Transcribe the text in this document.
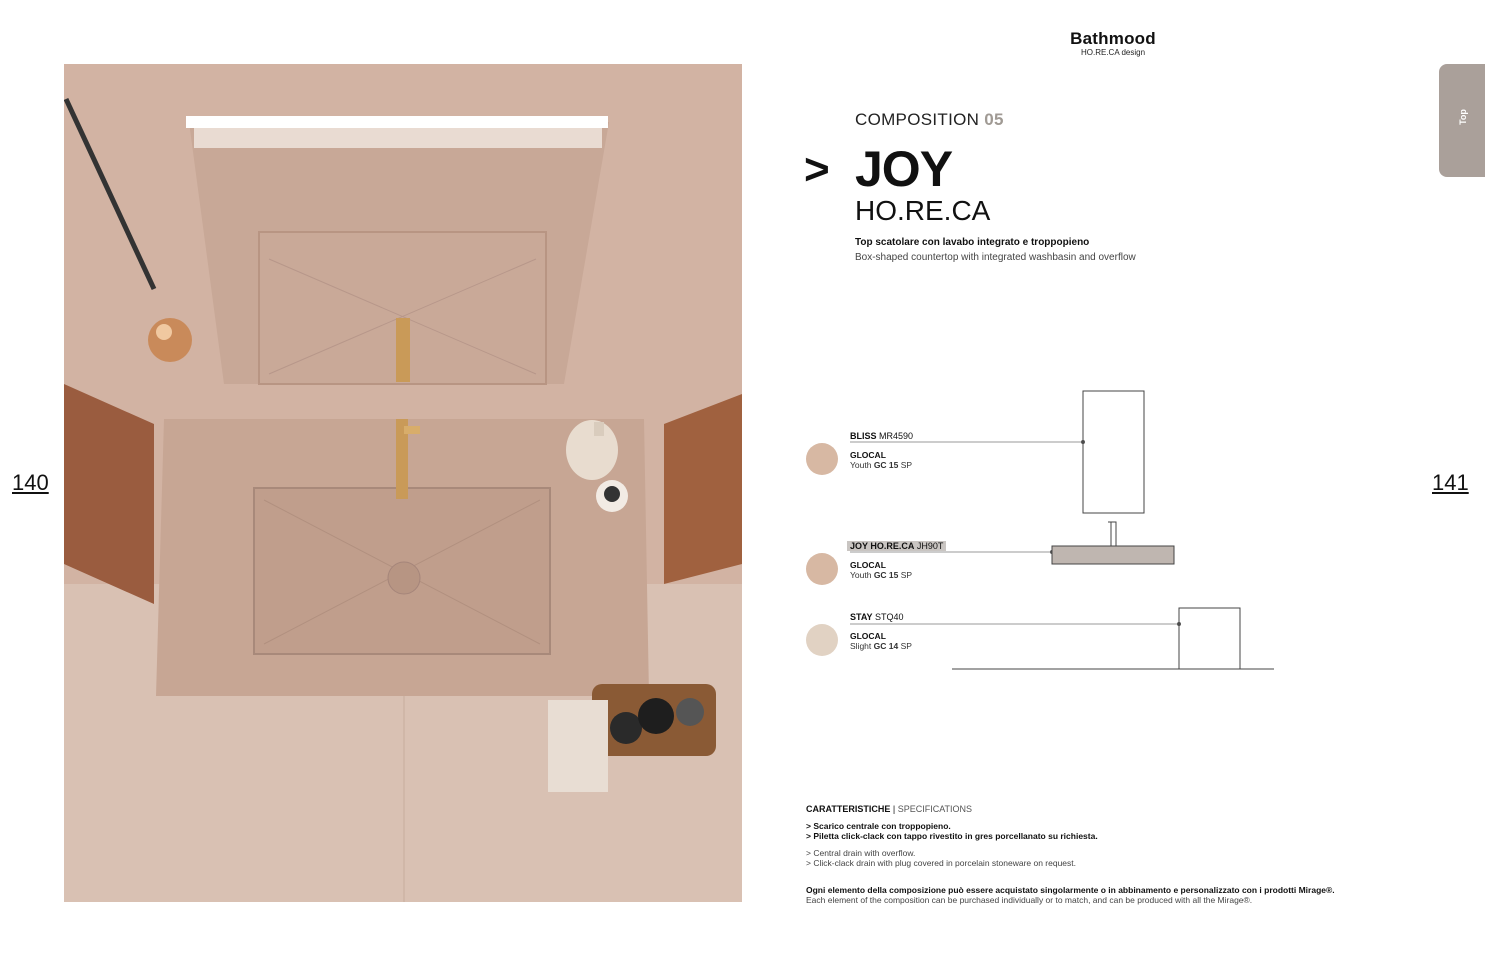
140	141
Bathmood
HO.RE.CA design
Top
COMPOSITION 05
> JOY
HO.RE.CA
Top scatolare con lavabo integrato e troppopieno
Box-shaped countertop with integrated washbasin and overflow
BLISS MR4590
GLOCAL
Youth GC 15 SP
JOY HO.RE.CA JH90T
GLOCAL
Youth GC 15 SP
STAY STQ40
GLOCAL
Slight GC 14 SP
CARATTERISTICHE | SPECIFICATIONS
> Scarico centrale con troppopieno.
> Piletta click-clack con tappo rivestito in gres porcellanato su richiesta.
> Central drain with overflow.
> Click-clack drain with plug covered in porcelain stoneware on request.
Ogni elemento della composizione può essere acquistato singolarmente o in abbinamento e personalizzato con i prodotti Mirage®.
Each element of the composition can be purchased individually or to match, and can be produced with all the Mirage®.
